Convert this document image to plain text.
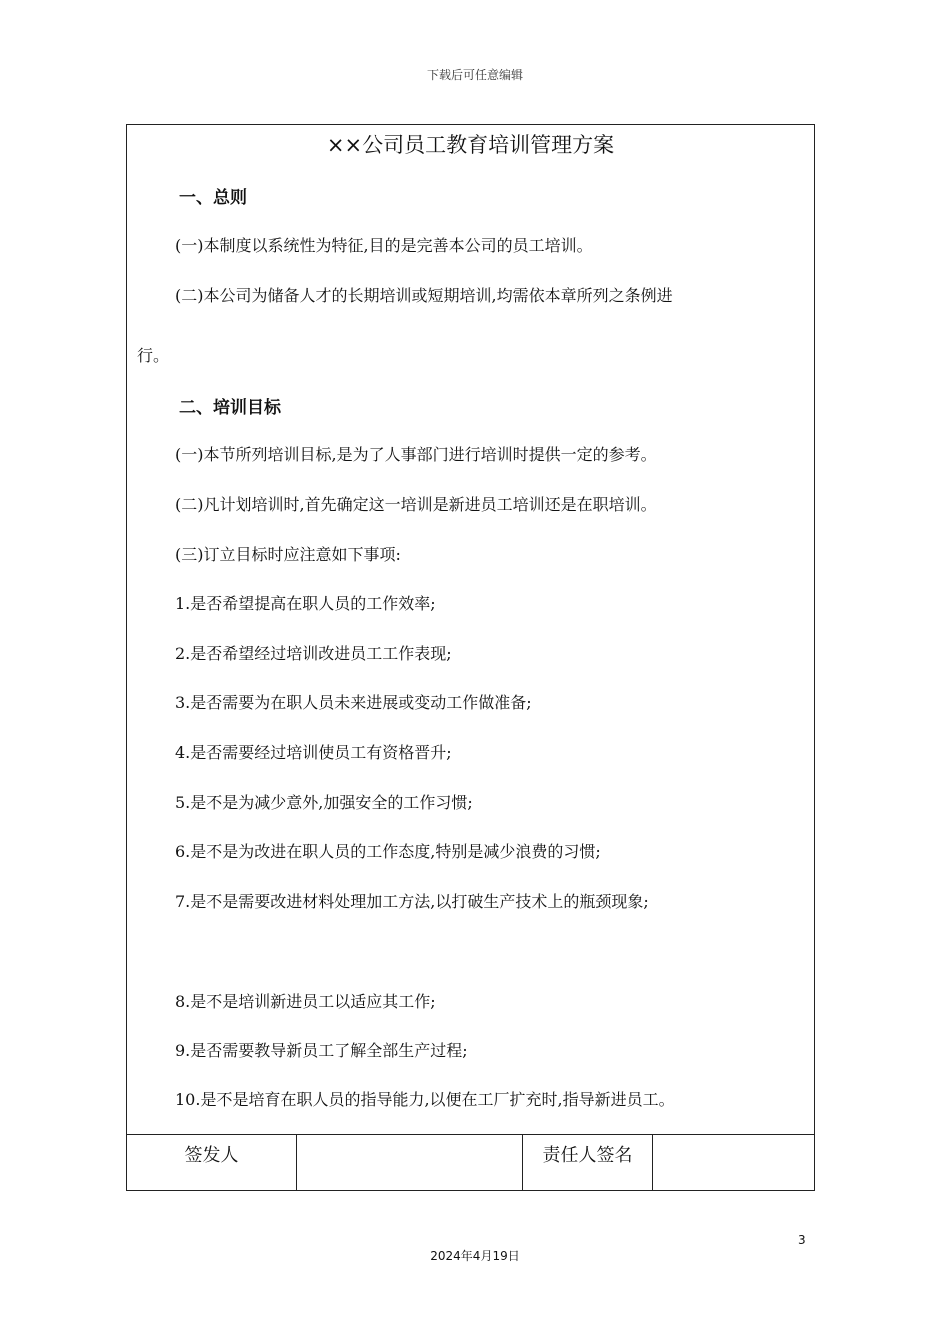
下载后可任意编辑
××公司员工教育培训管理方案
一、总则
(一)本制度以系统性为特征,目的是完善本公司的员工培训。
(二)本公司为储备人才的长期培训或短期培训,均需依本章所列之条例进
行。
二、培训目标
(一)本节所列培训目标,是为了人事部门进行培训时提供一定的参考。
(二)凡计划培训时,首先确定这一培训是新进员工培训还是在职培训。
(三)订立目标时应注意如下事项:
1.是否希望提高在职人员的工作效率;
2.是否希望经过培训改进员工工作表现;
3.是否需要为在职人员未来进展或变动工作做准备;
4.是否需要经过培训使员工有资格晋升;
5.是不是为减少意外,加强安全的工作习惯;
6.是不是为改进在职人员的工作态度,特别是减少浪费的习惯;
7.是不是需要改进材料处理加工方法,以打破生产技术上的瓶颈现象;
8.是不是培训新进员工以适应其工作;
9.是否需要教导新员工了解全部生产过程;
10.是不是培育在职人员的指导能力,以便在工厂扩充时,指导新进员工。
签发人	责任人签名
3
2024年4月19日
